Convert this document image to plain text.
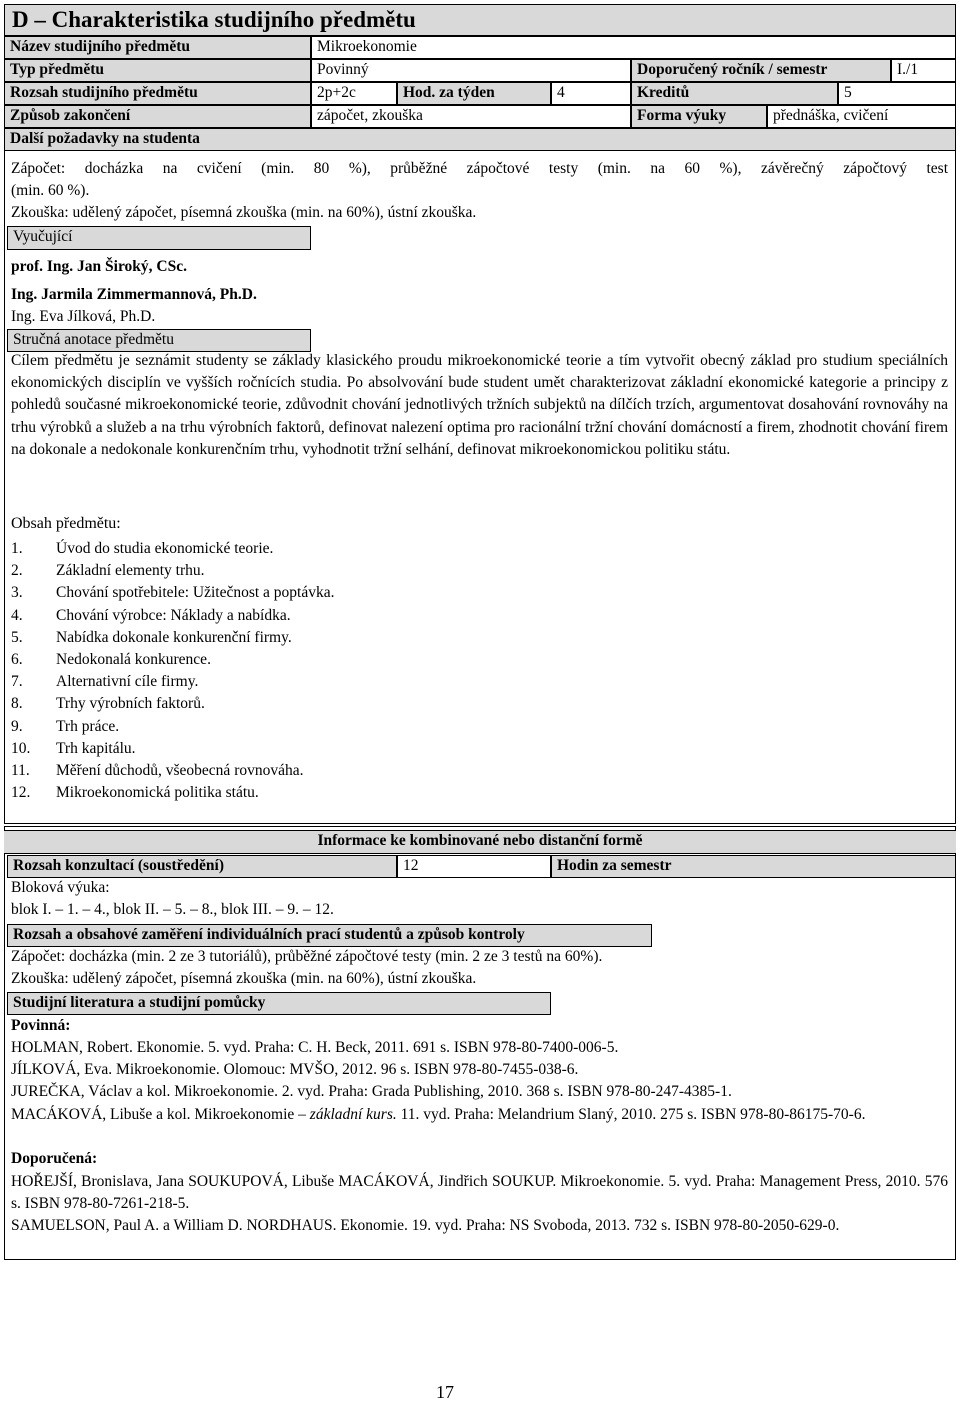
D – Charakteristika studijního předmětu
Název studijního předmětu	Mikroekonomie
Typ předmětu	Povinný	Doporučený ročník / semestr	I./1
Rozsah studijního předmětu	2p+2c	Hod. za týden	4	Kreditů	5
Způsob zakončení	zápočet, zkouška	Forma výuky	přednáška, cvičení
Další požadavky na studenta
Zápočet: docházka na cvičení (min. 80 %), průběžné zápočtové testy (min. na 60 %), závěrečný zápočtový test
(min. 60 %).
Zkouška: udělený zápočet, písemná zkouška (min. na 60%), ústní zkouška.
Vyučující
prof. Ing. Jan Široký, CSc.
Ing. Jarmila Zimmermannová, Ph.D.
Ing. Eva Jílková, Ph.D.
Stručná anotace předmětu
Cílem předmětu je seznámit studenty se základy klasického proudu mikroekonomické teorie a tím vytvořit obecný základ pro studium speciálních ekonomických disciplín ve vyšších ročnících studia. Po absolvování bude student umět charakterizovat základní ekonomické kategorie a principy z pohledů současné mikroekonomické teorie, zdůvodnit chování jednotlivých tržních subjektů na dílčích trzích, argumentovat dosahování rovnováhy na trhu výrobků a služeb a na trhu výrobních faktorů, definovat nalezení optima pro racionální tržní chování domácností a firem, zhodnotit chování firem na dokonale a nedokonale konkurenčním trhu, vyhodnotit tržní selhání, definovat mikroekonomickou politiku státu.
Obsah předmětu:
1. Úvod do studia ekonomické teorie.
2. Základní elementy trhu.
3. Chování spotřebitele: Užitečnost a poptávka.
4. Chování výrobce: Náklady a nabídka.
5. Nabídka dokonale konkurenční firmy.
6. Nedokonalá konkurence.
7. Alternativní cíle firmy.
8. Trhy výrobních faktorů.
9. Trh práce.
10. Trh kapitálu.
11. Měření důchodů, všeobecná rovnováha.
12. Mikroekonomická politika státu.
Informace ke kombinované nebo distanční formě
Rozsah konzultací (soustředění)	12	Hodin za semestr
Bloková výuka:
blok I. – 1. – 4., blok II. – 5. – 8., blok III. – 9. – 12.
Rozsah a obsahové zaměření individuálních prací studentů a způsob kontroly
Zápočet: docházka (min. 2 ze 3 tutoriálů), průběžné zápočtové testy (min. 2 ze 3 testů na 60%).
Zkouška: udělený zápočet, písemná zkouška (min. na 60%), ústní zkouška.
Studijní literatura a studijní pomůcky
Povinná:
HOLMAN, Robert. Ekonomie. 5. vyd. Praha: C. H. Beck, 2011. 691 s. ISBN 978-80-7400-006-5.
JÍLKOVÁ, Eva. Mikroekonomie. Olomouc: MVŠO, 2012. 96 s. ISBN 978-80-7455-038-6.
JUREČKA, Václav a kol. Mikroekonomie. 2. vyd. Praha: Grada Publishing, 2010. 368 s. ISBN 978-80-247-4385-1.
MACÁKOVÁ, Libuše a kol. Mikroekonomie – základní kurs. 11. vyd. Praha: Melandrium Slaný, 2010. 275 s. ISBN 978-80-86175-70-6.
Doporučená:
HOŘEJŠÍ, Bronislava, Jana SOUKUPOVÁ, Libuše MACÁKOVÁ, Jindřich SOUKUP. Mikroekonomie. 5. vyd. Praha: Management Press, 2010. 576 s. ISBN 978-80-7261-218-5.
SAMUELSON, Paul A. a William D. NORDHAUS. Ekonomie. 19. vyd. Praha: NS Svoboda, 2013. 732 s. ISBN 978-80-2050-629-0.
17
